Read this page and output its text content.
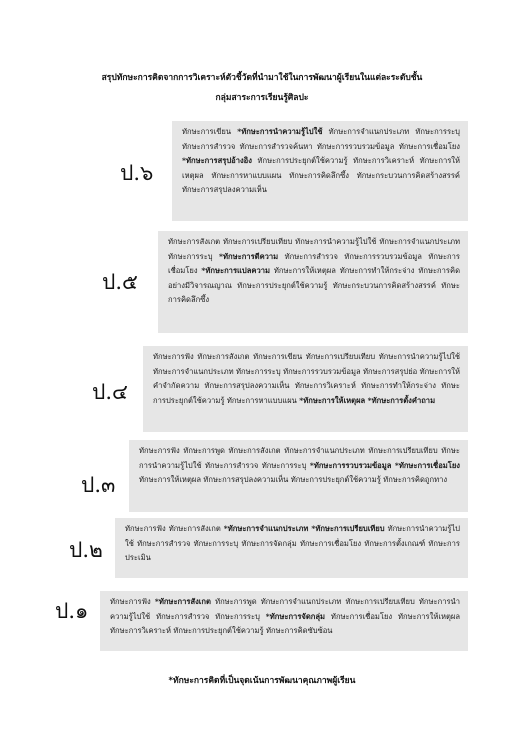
สรุปทักษะการคิดจากการวิเคราะห์ตัวชี้วัดที่นำมาใช้ในการพัฒนาผู้เรียนในแต่ละระดับชั้น
กลุ่มสาระการเรียนรู้ศิลปะ
ป.๖
ทักษะการเขียน *ทักษะการนำความรู้ไปใช้ ทักษะการจำแนกประเภท ทักษะการระบุ ทักษะการสำรวจ ทักษะการสำรวจค้นหา ทักษะการรวบรวมข้อมูล ทักษะการเชื่อมโยง *ทักษะการสรุปอ้างอิง ทักษะการประยุกต์ใช้ความรู้ ทักษะการวิเคราะห์ ทักษะการให้เหตุผล ทักษะการหาแบบแผน ทักษะการคิดลึกซึ้ง ทักษะกระบวนการคิดสร้างสรรค์ ทักษะการสรุปลงความเห็น
ป.๕
ทักษะการสังเกต ทักษะการเปรียบเทียบ ทักษะการนำความรู้ไปใช้ ทักษะการจำแนกประเภท ทักษะการระบุ *ทักษะการตีความ ทักษะการสำรวจ ทักษะการรวบรวมข้อมูล ทักษะการเชื่อมโยง *ทักษะการแปลความ ทักษะการให้เหตุผล ทักษะการทำให้กระจ่าง ทักษะการคิดอย่างมีวิจารณญาณ ทักษะการประยุกต์ใช้ความรู้ ทักษะกระบวนการคิดสร้างสรรค์ ทักษะการคิดลึกซึ้ง
ป.๔
ทักษะการฟัง ทักษะการสังเกต ทักษะการเขียน ทักษะการเปรียบเทียบ ทักษะการนำความรู้ไปใช้ ทักษะการจำแนกประเภท ทักษะการระบุ ทักษะการรวบรวมข้อมูล ทักษะการสรุปย่อ ทักษะการให้คำจำกัดความ ทักษะการสรุปลงความเห็น ทักษะการวิเคราะห์ ทักษะการทำให้กระจ่าง ทักษะการประยุกต์ใช้ความรู้ ทักษะการหาแบบแผน *ทักษะการให้เหตุผล *ทักษะการตั้งคำถาม
ป.๓
ทักษะการฟัง ทักษะการพูด ทักษะการสังเกต ทักษะการจำแนกประเภท ทักษะการเปรียบเทียบ ทักษะการนำความรู้ไปใช้ ทักษะการสำรวจ ทักษะการระบุ *ทักษะการรวบรวมข้อมูล *ทักษะการเชื่อมโยง ทักษะการให้เหตุผล ทักษะการสรุปลงความเห็น ทักษะการประยุกต์ใช้ความรู้ ทักษะการคิดถูกทาง
ป.๒
ทักษะการฟัง ทักษะการสังเกต *ทักษะการจำแนกประเภท *ทักษะการเปรียบเทียบ ทักษะการนำความรู้ไปใช้ ทักษะการสำรวจ ทักษะการระบุ ทักษะการจัดกลุ่ม ทักษะการเชื่อมโยง ทักษะการตั้งเกณฑ์ ทักษะการประเมิน
ป.๑	ทักษะการฟัง *ทักษะการสังเกต ทักษะการพูด ทักษะการจำแนกประเภท ทักษะการเปรียบเทียบ ทักษะการนำความรู้ไปใช้ ทักษะการสำรวจ ทักษะการระบุ *ทักษะการจัดกลุ่ม ทักษะการเชื่อมโยง ทักษะการให้เหตุผล ทักษะการวิเคราะห์ ทักษะการประยุกต์ใช้ความรู้ ทักษะการคิดซับซ้อน
*ทักษะการคิดที่เป็นจุดเน้นการพัฒนาคุณภาพผู้เรียน
